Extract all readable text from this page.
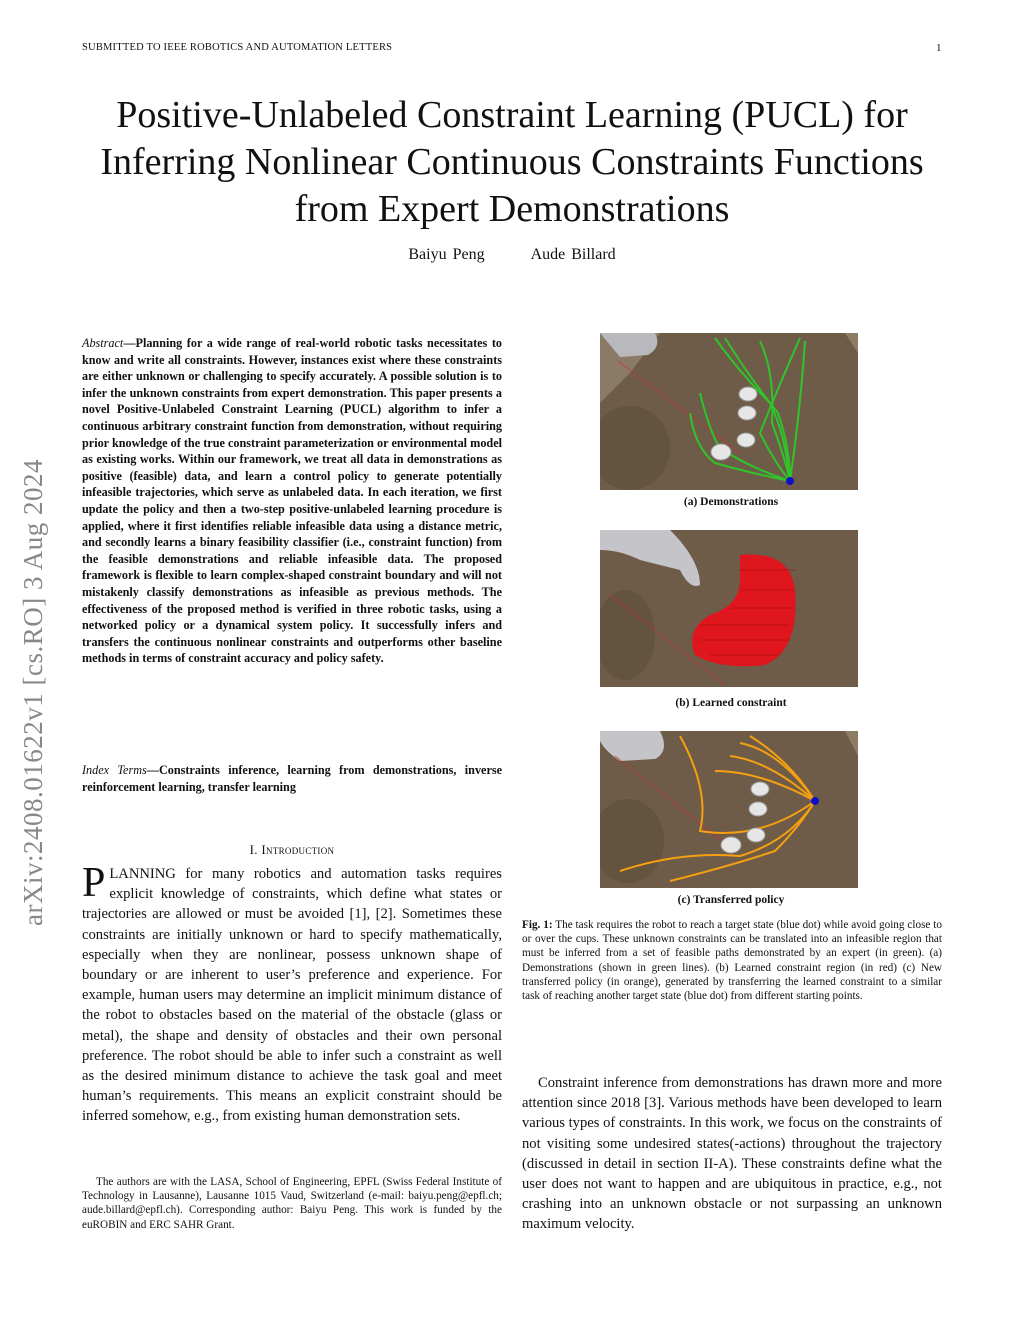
SUBMITTED TO IEEE ROBOTICS AND AUTOMATION LETTERS	1
Positive-Unlabeled Constraint Learning (PUCL) for Inferring Nonlinear Continuous Constraints Functions from Expert Demonstrations
Baiyu Peng	Aude Billard
arXiv:2408.01622v1 [cs.RO] 3 Aug 2024
Abstract—Planning for a wide range of real-world robotic tasks necessitates to know and write all constraints. However, instances exist where these constraints are either unknown or challenging to specify accurately. A possible solution is to infer the unknown constraints from expert demonstration. This paper presents a novel Positive-Unlabeled Constraint Learning (PUCL) algorithm to infer a continuous arbitrary constraint function from demonstration, without requiring prior knowledge of the true constraint parameterization or environmental model as existing works. Within our framework, we treat all data in demonstrations as positive (feasible) data, and learn a control policy to generate potentially infeasible trajectories, which serve as unlabeled data. In each iteration, we first update the policy and then a two-step positive-unlabeled learning procedure is applied, where it first identifies reliable infeasible data using a distance metric, and secondly learns a binary feasibility classifier (i.e., constraint function) from the feasible demonstrations and reliable infeasible data. The proposed framework is flexible to learn complex-shaped constraint boundary and will not mistakenly classify demonstrations as infeasible as previous methods. The effectiveness of the proposed method is verified in three robotic tasks, using a networked policy or a dynamical system policy. It successfully infers and transfers the continuous nonlinear constraints and outperforms other baseline methods in terms of constraint accuracy and policy safety.
Index Terms—Constraints inference, learning from demonstrations, inverse reinforcement learning, transfer learning
I. Introduction
PLANNING for many robotics and automation tasks requires explicit knowledge of constraints, which define what states or trajectories are allowed or must be avoided [1], [2]. Sometimes these constraints are initially unknown or hard to specify mathematically, especially when they are nonlinear, possess unknown shape of boundary or are inherent to user’s preference and experience. For example, human users may determine an implicit minimum distance of the robot to obstacles based on the material of the obstacle (glass or metal), the shape and density of obstacles and their own personal preference. The robot should be able to infer such a constraint as well as the desired minimum distance to achieve the task goal and meet human’s requirements. This means an explicit constraint should be inferred somehow, e.g., from existing human demonstration sets.
The authors are with the LASA, School of Engineering, EPFL (Swiss Federal Institute of Technology in Lausanne), Lausanne 1015 Vaud, Switzerland (e-mail: baiyu.peng@epfl.ch; aude.billard@epfl.ch). Corresponding author: Baiyu Peng. This work is funded by the euROBIN and ERC SAHR Grant.
(a) Demonstrations
(b) Learned constraint
(c) Transferred policy
Fig. 1: The task requires the robot to reach a target state (blue dot) while avoid going close to or over the cups. These unknown constraints can be translated into an infeasible region that must be inferred from a set of feasible paths demonstrated by an expert (in green). (a) Demonstrations (shown in green lines). (b) Learned constraint region (in red) (c) New transferred policy (in orange), generated by transferring the learned constraint to a similar task of reaching another target state (blue dot) from different starting points.
Constraint inference from demonstrations has drawn more and more attention since 2018 [3]. Various methods have been developed to learn various types of constraints. In this work, we focus on the constraints of not visiting some undesired states(-actions) throughout the trajectory (discussed in detail in section II-A). These constraints define what the user does not want to happen and are ubiquitous in practice, e.g., not crashing into an unknown obstacle or not surpassing an unknown maximum velocity.
